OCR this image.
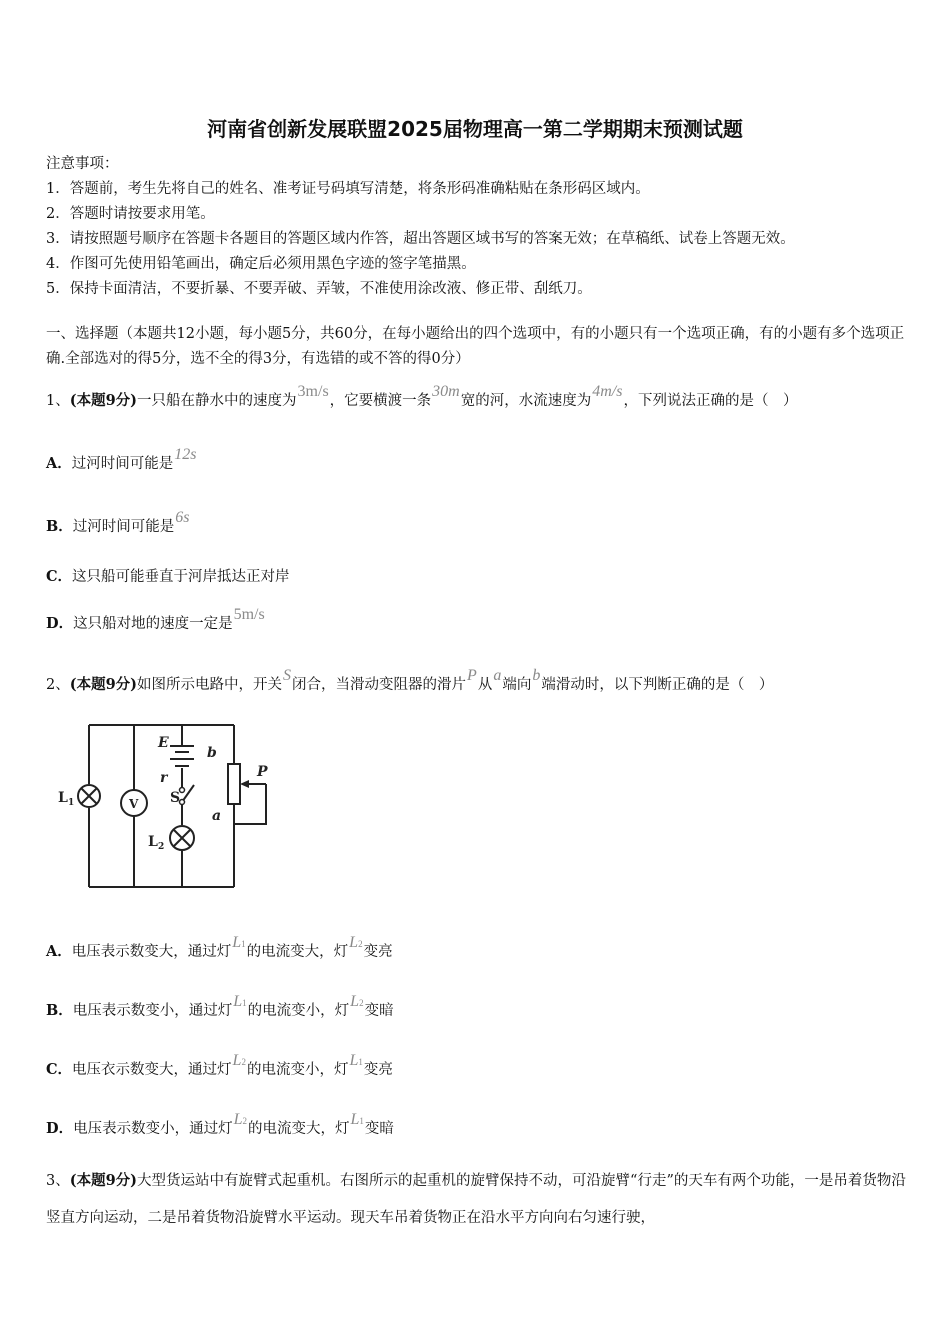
河南省创新发展联盟2025届物理高一第二学期期末预测试题
注意事项：
1．答题前，考生先将自己的姓名、准考证号码填写清楚，将条形码准确粘贴在条形码区域内。
2．答题时请按要求用笔。
3．请按照题号顺序在答题卡各题目的答题区域内作答，超出答题区域书写的答案无效；在草稿纸、试卷上答题无效。
4．作图可先使用铅笔画出，确定后必须用黑色字迹的签字笔描黑。
5．保持卡面清洁，不要折暴、不要弄破、弄皱，不准使用涂改液、修正带、刮纸刀。
一、选择题（本题共12小题，每小题5分，共60分，在每小题给出的四个选项中，有的小题只有一个选项正确，有的小题有多个选项正确.全部选对的得5分，选不全的得3分，有选错的或不答的得0分）
1、(本题9分)一只船在静水中的速度为3m/s，它要横渡一条30m宽的河，水流速度为4m/s，下列说法正确的是（　）
A．过河时间可能是12s
B．过河时间可能是6s
C．这只船可能垂直于河岸抵达正对岸
D．这只船对地的速度一定是5m/s
2、(本题9分)如图所示电路中，开关S闭合，当滑动变阻器的滑片P从a端向b端滑动时，以下判断正确的是（　）
E
b
P
r
S
L 1	V
a
L 2
A．电压表示数变大，通过灯L1的电流变大，灯L2变亮
B．电压表示数变小，通过灯L1的电流变小，灯L2变暗
C．电压衣示数变大，通过灯L2的电流变小，灯L1变亮
D．电压表示数变小，通过灯L2的电流变大，灯L1变暗
3、(本题9分)大型货运站中有旋臂式起重机。右图所示的起重机的旋臂保持不动，可沿旋臂“行走”的天车有两个功能，一是吊着货物沿竖直方向运动，二是吊着货物沿旋臂水平运动。现天车吊着货物正在沿水平方向向右匀速行驶，
